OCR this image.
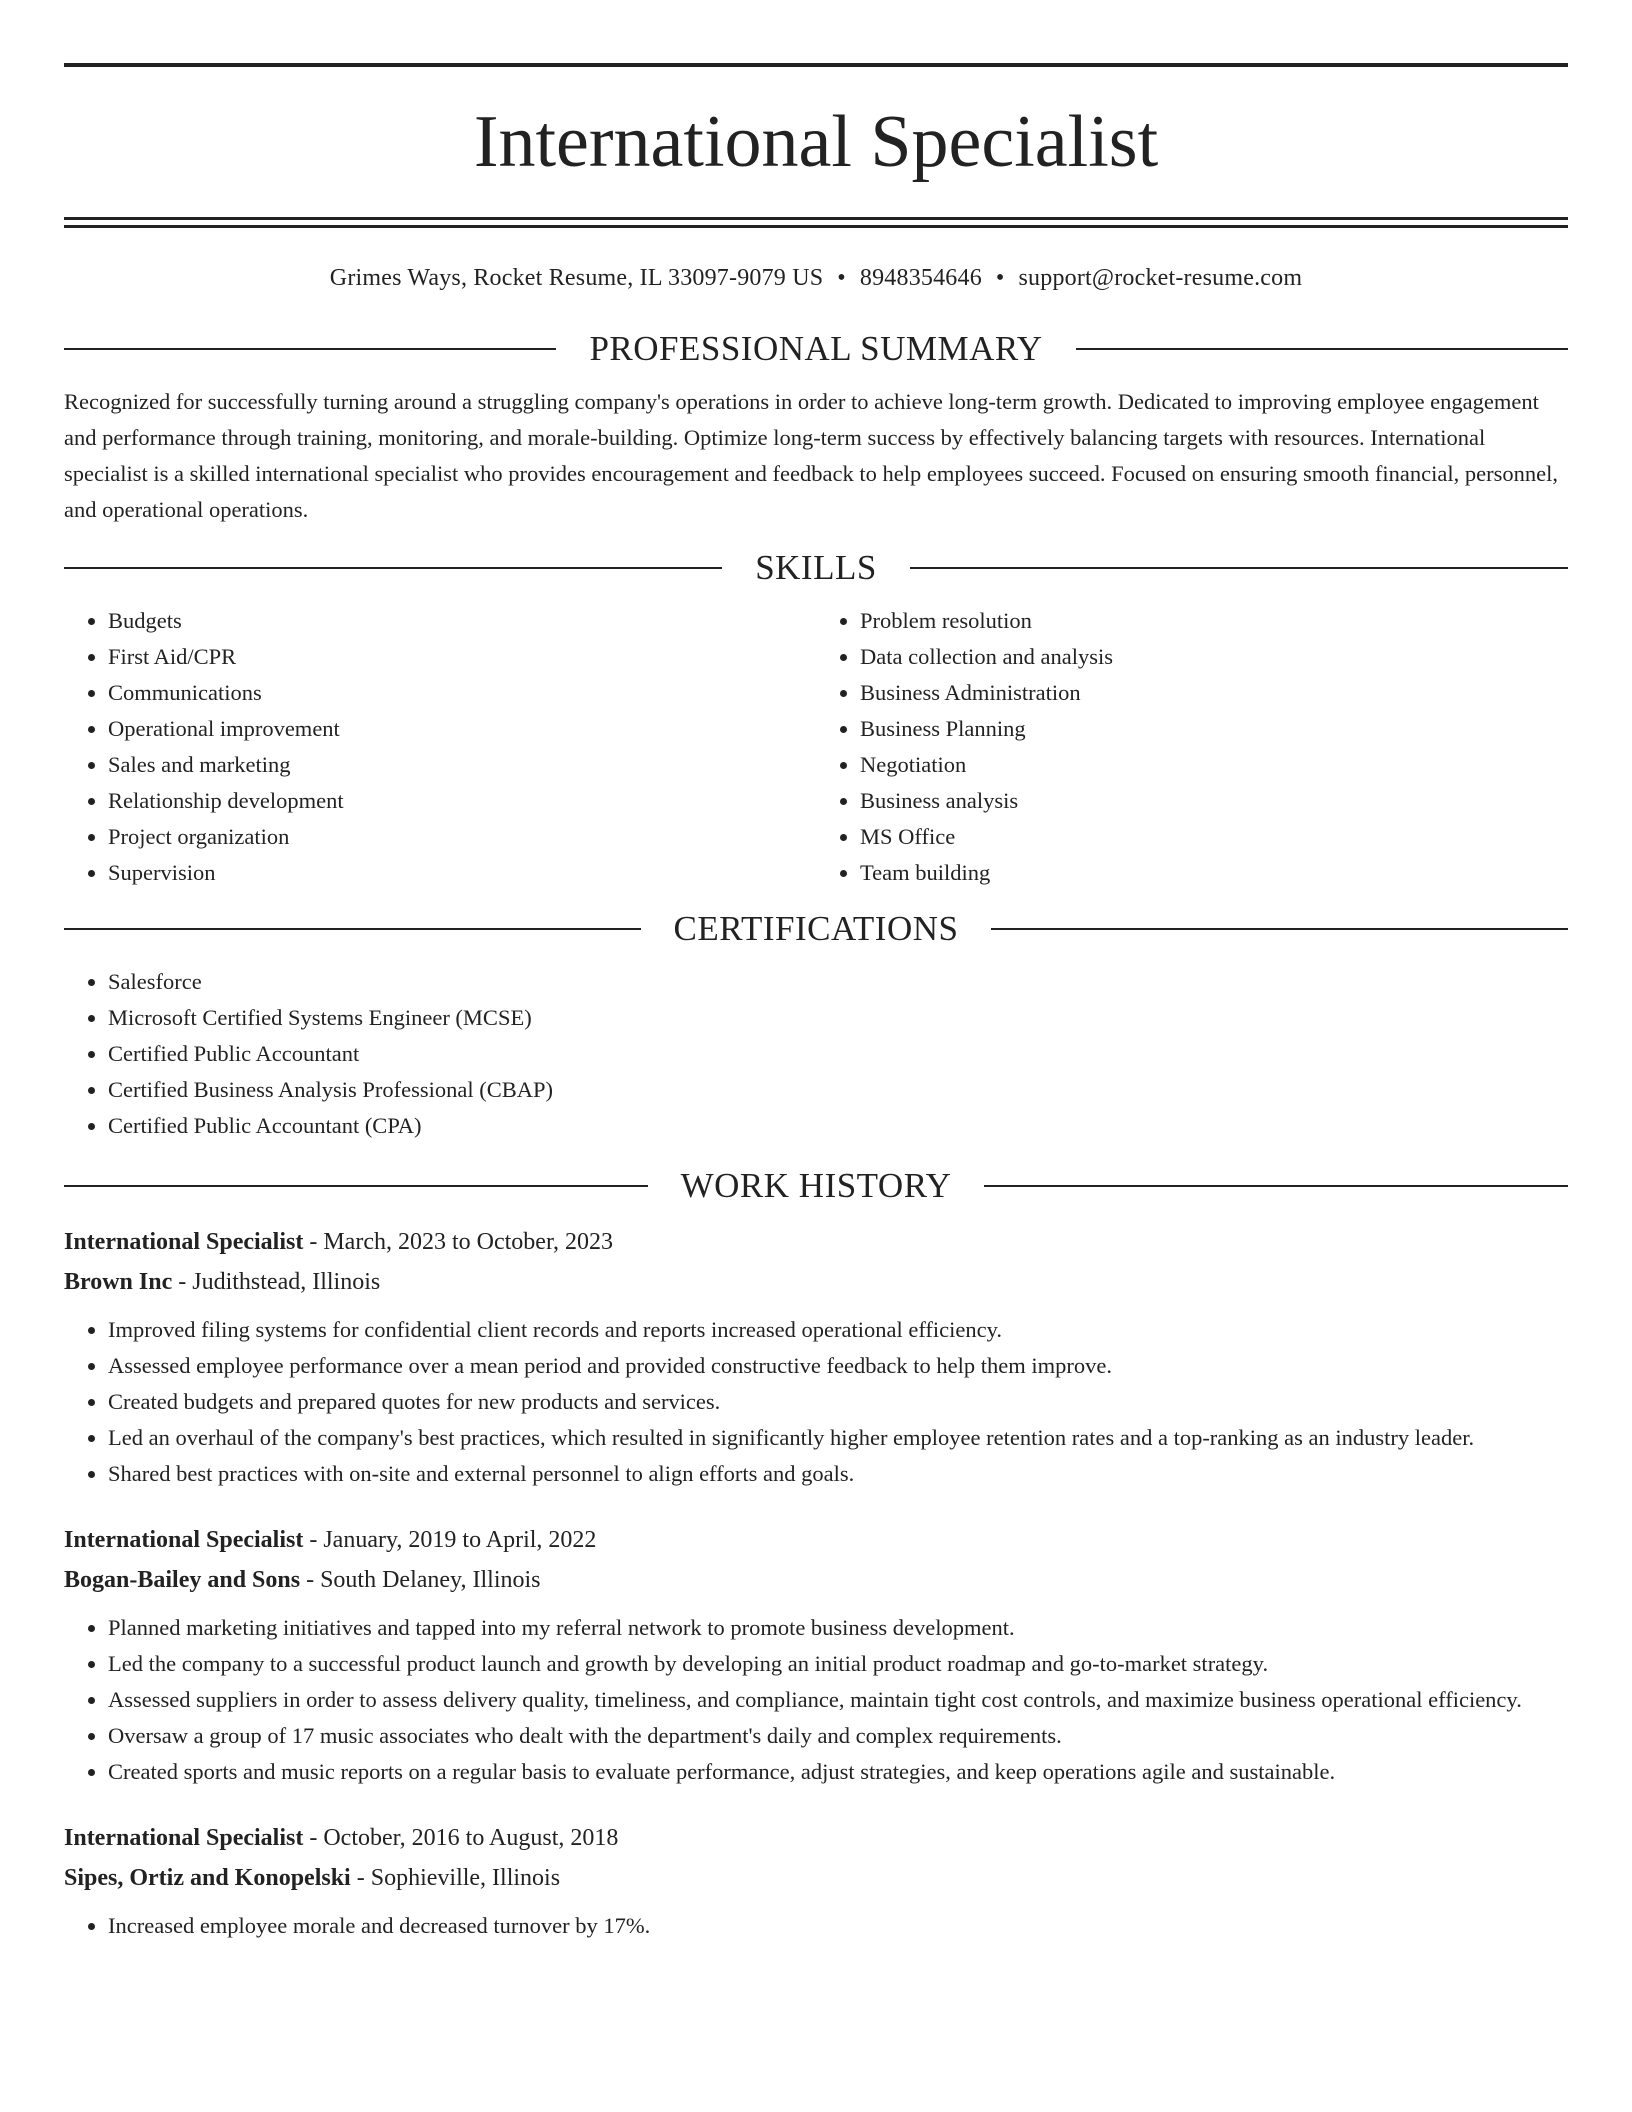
International Specialist
Grimes Ways, Rocket Resume, IL 33097-9079 US • 8948354646 • support@rocket-resume.com
PROFESSIONAL SUMMARY

Recognized for successfully turning around a struggling company's operations in order to achieve long-term growth. Dedicated to improving employee engagement and performance through training, monitoring, and morale-building. Optimize long-term success by effectively balancing targets with resources. International specialist is a skilled international specialist who provides encouragement and feedback to help employees succeed. Focused on ensuring smooth financial, personnel, and operational operations.

SKILLS
• Budgets
• First Aid/CPR
• Communications
• Operational improvement
• Sales and marketing
• Relationship development
• Project organization
• Supervision
• Problem resolution
• Data collection and analysis
• Business Administration
• Business Planning
• Negotiation
• Business analysis
• MS Office
• Team building
CERTIFICATIONS
• Salesforce
• Microsoft Certified Systems Engineer (MCSE)
• Certified Public Accountant
• Certified Business Analysis Professional (CBAP)
• Certified Public Accountant (CPA)
WORK HISTORY
International Specialist - March, 2023 to October, 2023
Brown Inc - Judithstead, Illinois
• Improved filing systems for confidential client records and reports increased operational efficiency.
• Assessed employee performance over a mean period and provided constructive feedback to help them improve.
• Created budgets and prepared quotes for new products and services.
• Led an overhaul of the company's best practices, which resulted in significantly higher employee retention rates and a top-ranking as an industry leader.
• Shared best practices with on-site and external personnel to align efforts and goals.
International Specialist - January, 2019 to April, 2022
Bogan-Bailey and Sons - South Delaney, Illinois
• Planned marketing initiatives and tapped into my referral network to promote business development.
• Led the company to a successful product launch and growth by developing an initial product roadmap and go-to-market strategy.
• Assessed suppliers in order to assess delivery quality, timeliness, and compliance, maintain tight cost controls, and maximize business operational efficiency.
• Oversaw a group of 17 music associates who dealt with the department's daily and complex requirements.
• Created sports and music reports on a regular basis to evaluate performance, adjust strategies, and keep operations agile and sustainable.
International Specialist - October, 2016 to August, 2018
Sipes, Ortiz and Konopelski - Sophieville, Illinois
• Increased employee morale and decreased turnover by 17%.
